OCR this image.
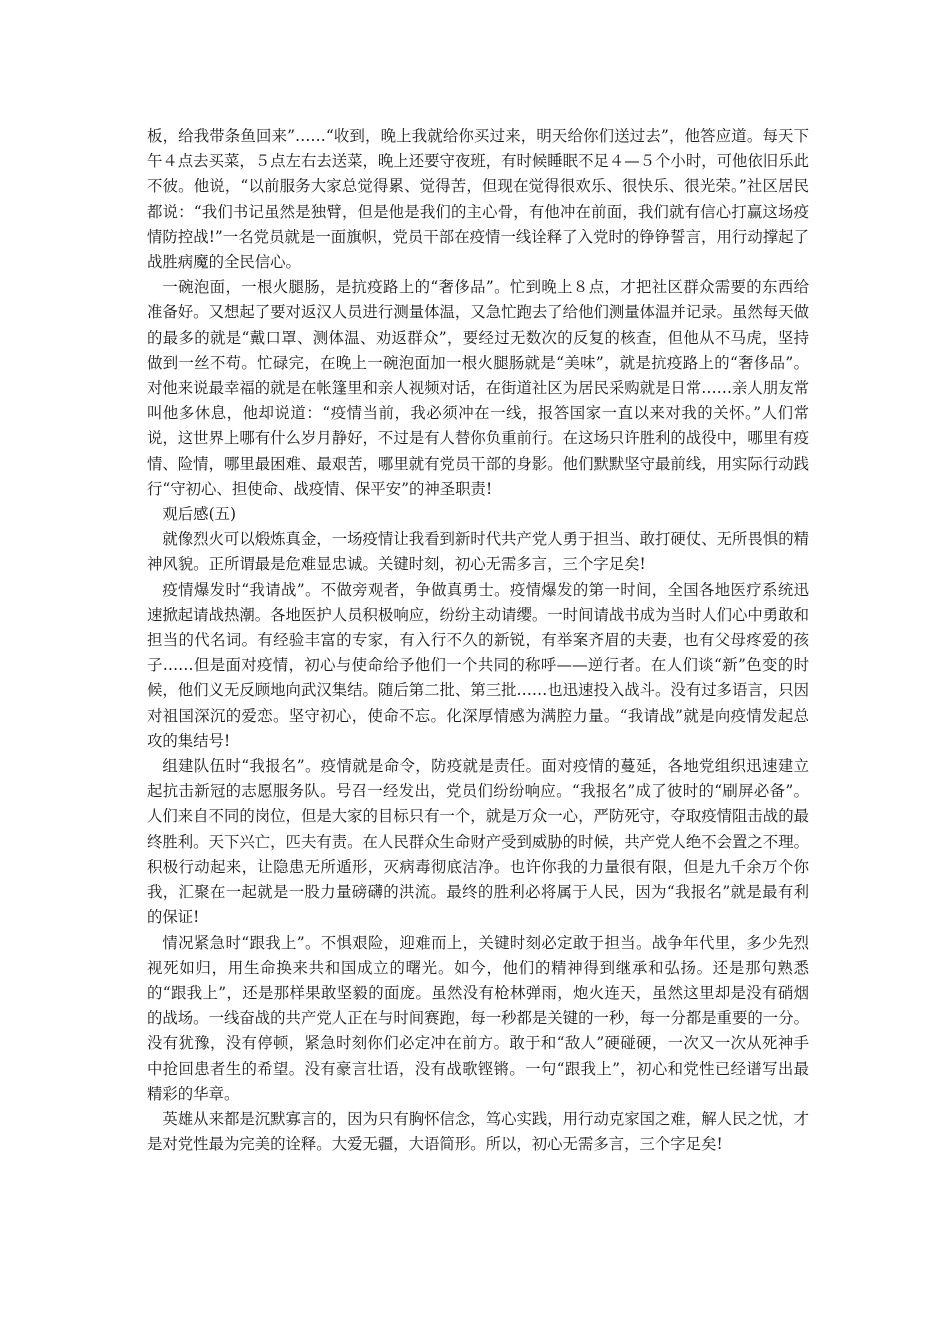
板，给我带条鱼回来”……“收到，晚上我就给你买过来，明天给你们送过去”，他答应道。每天下午４点去买菜，５点左右去送菜，晚上还要守夜班，有时候睡眠不足４—５个小时，可他依旧乐此不彼。他说，“以前服务大家总觉得累、觉得苦，但现在觉得很欢乐、很快乐、很光荣。”社区居民都说：“我们书记虽然是独臂，但是他是我们的主心骨，有他冲在前面，我们就有信心打赢这场疫情防控战!”一名党员就是一面旗帜，党员干部在疫情一线诠释了入党时的铮铮誓言，用行动撑起了战胜病魔的全民信心。

一碗泡面，一根火腿肠，是抗疫路上的“奢侈品”。忙到晚上８点，才把社区群众需要的东西给准备好。又想起了要对返汉人员进行测量体温，又急忙跑去了给他们测量体温并记录。虽然每天做的最多的就是“戴口罩、测体温、劝返群众”，要经过无数次的反复的核查，但他从不马虎，坚持做到一丝不苟。忙碌完，在晚上一碗泡面加一根火腿肠就是“美味”，就是抗疫路上的“奢侈品”。对他来说最幸福的就是在帐篷里和亲人视频对话，在街道社区为居民采购就是日常……亲人朋友常叫他多休息，他却说道：“疫情当前，我必须冲在一线，报答国家一直以来对我的关怀。”人们常说，这世界上哪有什么岁月静好，不过是有人替你负重前行。在这场只许胜利的战役中，哪里有疫情、险情，哪里最困难、最艰苦，哪里就有党员干部的身影。他们默默坚守最前线，用实际行动践行“守初心、担使命、战疫情、保平安”的神圣职责!

观后感(五)

就像烈火可以煅炼真金，一场疫情让我看到新时代共产党人勇于担当、敢打硬仗、无所畏惧的精神风貌。正所谓最是危难显忠诚。关键时刻，初心无需多言，三个字足矣!

疫情爆发时“我请战”。不做旁观者，争做真勇士。疫情爆发的第一时间，全国各地医疗系统迅速掀起请战热潮。各地医护人员积极响应，纷纷主动请缨。一时间请战书成为当时人们心中勇敢和担当的代名词。有经验丰富的专家，有入行不久的新锐，有举案齐眉的夫妻，也有父母疼爱的孩子……但是面对疫情，初心与使命给予他们一个共同的称呼——逆行者。在人们谈“新”色变的时候，他们义无反顾地向武汉集结。随后第二批、第三批……也迅速投入战斗。没有过多语言，只因对祖国深沉的爱恋。坚守初心，使命不忘。化深厚情感为满腔力量。“我请战”就是向疫情发起总攻的集结号!

组建队伍时“我报名”。疫情就是命令，防疫就是责任。面对疫情的蔓延，各地党组织迅速建立起抗击新冠的志愿服务队。号召一经发出，党员们纷纷响应。“我报名”成了彼时的“刷屏必备”。人们来自不同的岗位，但是大家的目标只有一个，就是万众一心，严防死守，夺取疫情阻击战的最终胜利。天下兴亡，匹夫有责。在人民群众生命财产受到威胁的时候，共产党人绝不会置之不理。积极行动起来，让隐患无所遁形，灭病毒彻底洁净。也许你我的力量很有限，但是九千余万个你我，汇聚在一起就是一股力量磅礴的洪流。最终的胜利必将属于人民，因为“我报名”就是最有利的保证!

情况紧急时“跟我上”。不惧艰险，迎难而上，关键时刻必定敢于担当。战争年代里，多少先烈视死如归，用生命换来共和国成立的曙光。如今，他们的精神得到继承和弘扬。还是那句熟悉的“跟我上”，还是那样果敢坚毅的面庞。虽然没有枪林弹雨，炮火连天，虽然这里却是没有硝烟的战场。一线奋战的共产党人正在与时间赛跑，每一秒都是关键的一秒，每一分都是重要的一分。没有犹豫，没有停顿，紧急时刻你们必定冲在前方。敢于和“敌人”硬碰硬，一次又一次从死神手中抢回患者生的希望。没有豪言壮语，没有战歌铿锵。一句“跟我上”，初心和党性已经谱写出最精彩的华章。

英雄从来都是沉默寡言的，因为只有胸怀信念，笃心实践，用行动克家国之难，解人民之忧，才是对党性最为完美的诠释。大爱无疆，大语简形。所以，初心无需多言，三个字足矣!
